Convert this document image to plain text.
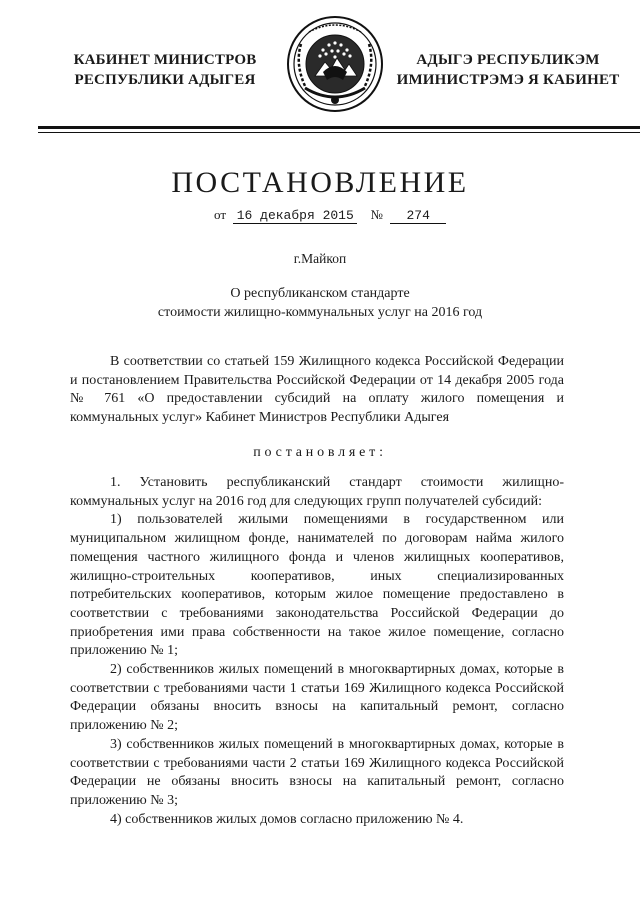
КАБИНЕТ МИНИСТРОВ
РЕСПУБЛИКИ АДЫГЕЯ
АДЫГЭ РЕСПУБЛИКЭМ
ИМИНИСТРЭМЭ Я КАБИНЕТ
ПОСТАНОВЛЕНИЕ
от 16 декабря 2015 № 274
г.Майкоп
О республиканском стандарте
стоимости жилищно-коммунальных услуг на 2016 год

В соответствии со статьей 159 Жилищного кодекса Российской Федерации и постановлением Правительства Российской Федерации от 14 декабря 2005 года № 761 «О предоставлении субсидий на оплату жилого помещения и коммунальных услуг» Кабинет Министров Республики Адыгея

постановляет:

1. Установить республиканский стандарт стоимости жилищно-коммунальных услуг на 2016 год для следующих групп получателей субсидий:

1) пользователей жилыми помещениями в государственном или муниципальном жилищном фонде, нанимателей по договорам найма жилого помещения частного жилищного фонда и членов жилищных кооперативов, жилищно-строительных кооперативов, иных специализированных потребительских кооперативов, которым жилое помещение предоставлено в соответствии с требованиями законодательства Российской Федерации до приобретения ими права собственности на такое жилое помещение, согласно приложению № 1;

2) собственников жилых помещений в многоквартирных домах, которые в соответствии с требованиями части 1 статьи 169 Жилищного кодекса Российской Федерации обязаны вносить взносы на капитальный ремонт, согласно приложению № 2;

3) собственников жилых помещений в многоквартирных домах, которые в соответствии с требованиями части 2 статьи 169 Жилищного кодекса Российской Федерации не обязаны вносить взносы на капитальный ремонт, согласно приложению № 3;

4) собственников жилых домов согласно приложению № 4.
